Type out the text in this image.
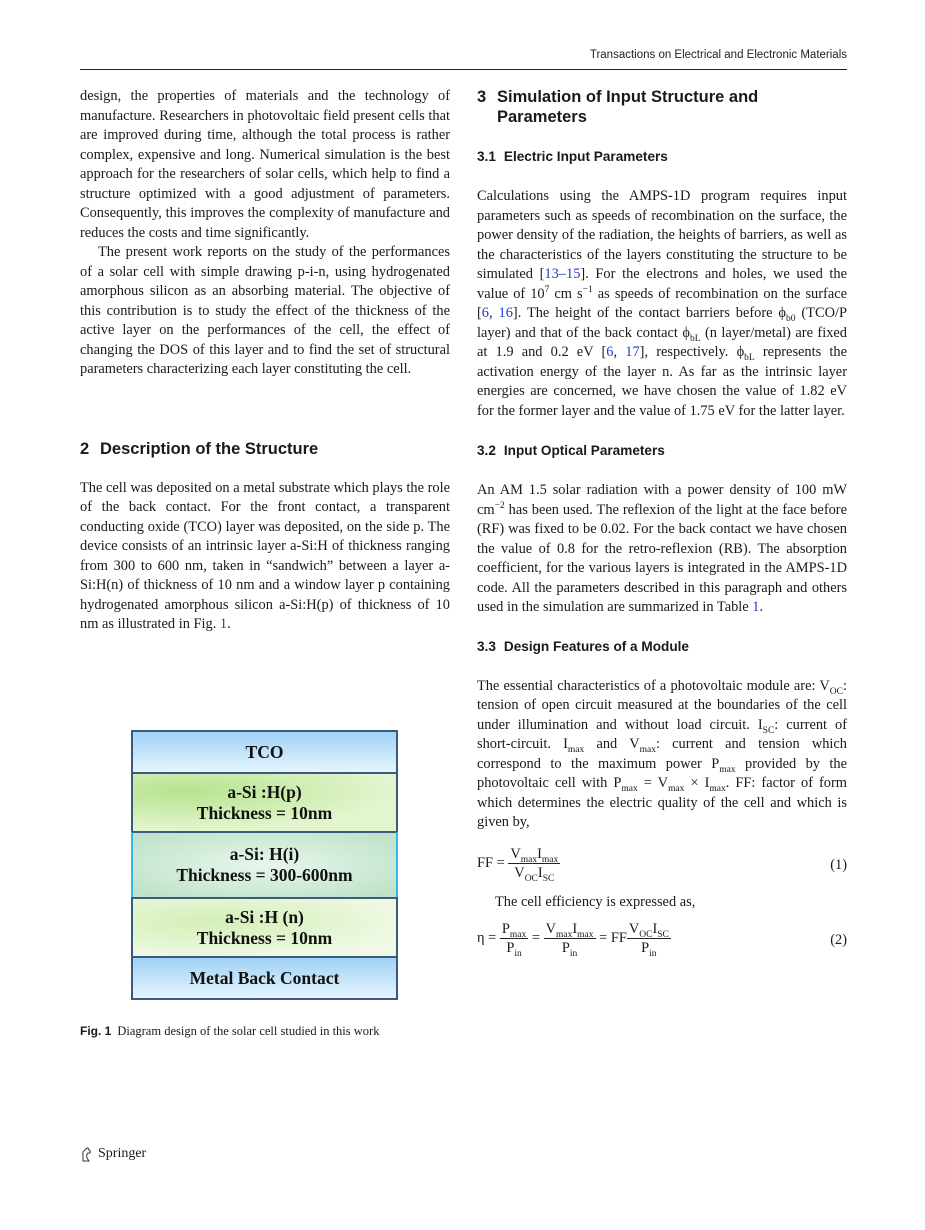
Transactions on Electrical and Electronic Materials

design, the properties of materials and the technology of manufacture. Researchers in photovoltaic field present cells that are improved during time, although the total process is rather complex, expensive and long. Numerical simulation is the best approach for the researchers of solar cells, which help to find a structure optimized with a good adjustment of parameters. Consequently, this improves the complexity of manufacture and reduces the costs and time significantly.

The present work reports on the study of the performances of a solar cell with simple drawing p-i-n, using hydrogenated amorphous silicon as an absorbing material. The objective of this contribution is to study the effect of the thickness of the active layer on the performances of the cell, the effect of changing the DOS of this layer and to find the set of structural parameters characterizing each layer constituting the cell.

2 Description of the Structure

The cell was deposited on a metal substrate which plays the role of the back contact. For the front contact, a transparent conducting oxide (TCO) layer was deposited, on the side p. The device consists of an intrinsic layer a-Si:H of thickness ranging from 300 to 600 nm, taken in “sandwich” between a layer a-Si:H(n) of thickness of 10 nm and a window layer p containing hydrogenated amorphous silicon a-Si:H(p) of thickness of 10 nm as illustrated in Fig. 1.

TCO
a-Si :H(p)
Thickness = 10nm
a-Si: H(i)
Thickness = 300-600nm
a-Si :H (n)
Thickness = 10nm
Metal Back Contact
Fig. 1 Diagram design of the solar cell studied in this work
3 Simulation of Input Structure and Parameters
3.1 Electric Input Parameters

Calculations using the AMPS-1D program requires input parameters such as speeds of recombination on the surface, the power density of the radiation, the heights of barriers, as well as the characteristics of the layers constituting the structure to be simulated [13–15]. For the electrons and holes, we used the value of $10^7$ cm $s^{-1}$ as speeds of recombination on the surface [6, 16]. The height of the contact barriers before $\phi_{b0}$ (TCO/P layer) and that of the back contact $\phi_{bL}$ (n layer/metal) are fixed at 1.9 and 0.2 eV [6, 17], respectively. $\phi_{bL}$ represents the activation energy of the layer n. As far as the intrinsic layer energies are concerned, we have chosen the value of 1.82 eV for the former layer and the value of 1.75 eV for the latter layer.

3.2 Input Optical Parameters

An AM 1.5 solar radiation with a power density of 100 mW $cm^{-2}$ has been used. The reflexion of the light at the face before (RF) was fixed to be 0.02. For the back contact we have chosen the value of 0.8 for the retro-reflexion (RB). The absorption coefficient, for the various layers is integrated in the AMPS-1D code. All the parameters described in this paragraph and others used in the simulation are summarized in Table 1.

3.3 Design Features of a Module

The essential characteristics of a photovoltaic module are: $V_{OC}$: tension of open circuit measured at the boundaries of the cell under illumination and without load circuit. $I_{SC}$: current of short-circuit. $I_{max}$ and $V_{max}$: current and tension which correspond to the maximum power $P_{max}$ provided by the photovoltaic cell with $P_{max} = V_{max} \times I_{max}$. FF: factor of form which determines the electric quality of the cell and which is given by,

FF = $\frac{V_{max}I_{max}}{V_{OC}I_{SC}}$	(1)

The cell efficiency is expressed as,

$\eta = \frac{P_{max}}{P_{in}} = \frac{V_{max}I_{max}}{P_{in}}$ = FF $\frac{V_{OC}I_{SC}}{P_{in}}$	(2)
Springer
